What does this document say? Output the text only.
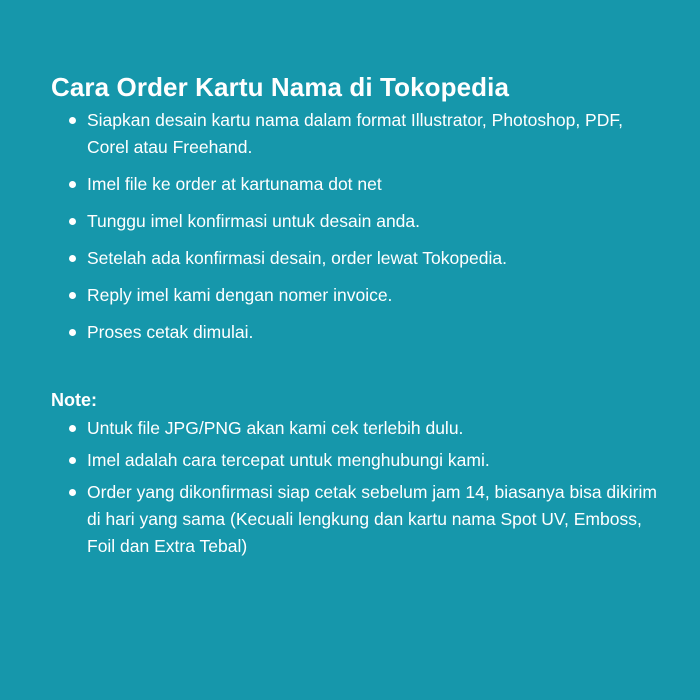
Cara Order Kartu Nama di Tokopedia
Siapkan desain kartu nama dalam format Illustrator, Photoshop, PDF, Corel atau Freehand.
Imel file ke order at kartunama dot net
Tunggu imel konfirmasi untuk desain anda.
Setelah ada konfirmasi desain, order lewat Tokopedia.
Reply imel kami dengan nomer invoice.
Proses cetak dimulai.
Note:
Untuk file JPG/PNG akan kami cek terlebih dulu.
Imel adalah cara tercepat untuk menghubungi kami.
Order yang dikonfirmasi siap cetak sebelum jam 14, biasanya bisa dikirim di hari yang sama (Kecuali lengkung dan kartu nama Spot UV, Emboss, Foil dan Extra Tebal)
